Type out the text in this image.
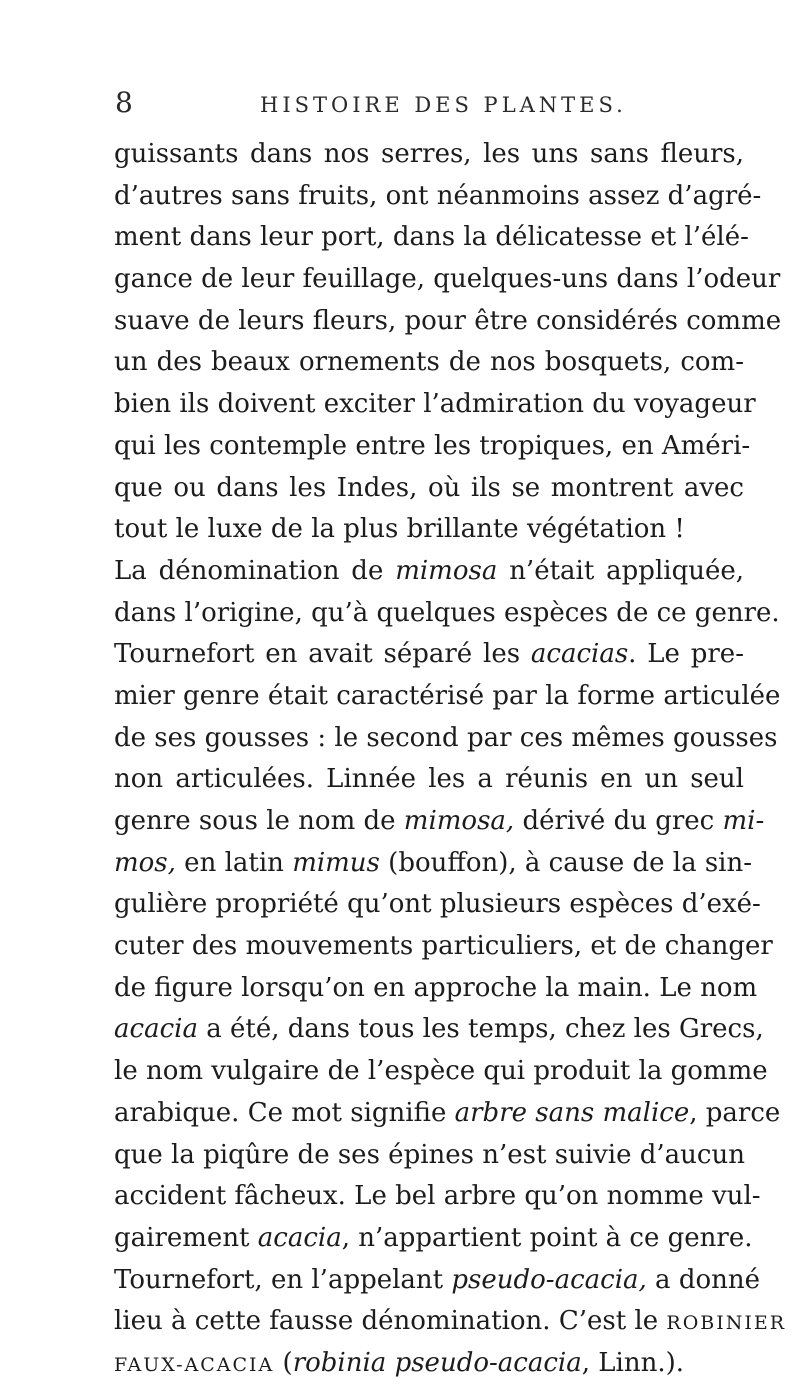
8	HISTOIRE DES PLANTES.
guissants dans nos serres, les uns sans fleurs,
d’autres sans fruits, ont néanmoins assez d’agré-
ment dans leur port, dans la délicatesse et l’élé-
gance de leur feuillage, quelques-uns dans l’odeur
suave de leurs fleurs, pour être considérés comme
un des beaux ornements de nos bosquets, com-
bien ils doivent exciter l’admiration du voyageur
qui les contemple entre les tropiques, en Améri-
que ou dans les Indes, où ils se montrent avec
tout le luxe de la plus brillante végétation !
La dénomination de mimosa n’était appliquée,
dans l’origine, qu’à quelques espèces de ce genre.
Tournefort en avait séparé les acacias. Le pre-
mier genre était caractérisé par la forme articulée
de ses gousses : le second par ces mêmes gousses
non articulées. Linnée les a réunis en un seul
genre sous le nom de mimosa, dérivé du grec mi-
mos, en latin mimus (bouffon), à cause de la sin-
gulière propriété qu’ont plusieurs espèces d’exé-
cuter des mouvements particuliers, et de changer
de figure lorsqu’on en approche la main. Le nom
acacia a été, dans tous les temps, chez les Grecs,
le nom vulgaire de l’espèce qui produit la gomme
arabique. Ce mot signifie arbre sans malice, parce
que la piqûre de ses épines n’est suivie d’aucun
accident fâcheux. Le bel arbre qu’on nomme vul-
gairement acacia, n’appartient point à ce genre.
Tournefort, en l’appelant pseudo-acacia, a donné
lieu à cette fausse dénomination. C’est le ROBINIER
FAUX-ACACIA (robinia pseudo-acacia, Linn.).
